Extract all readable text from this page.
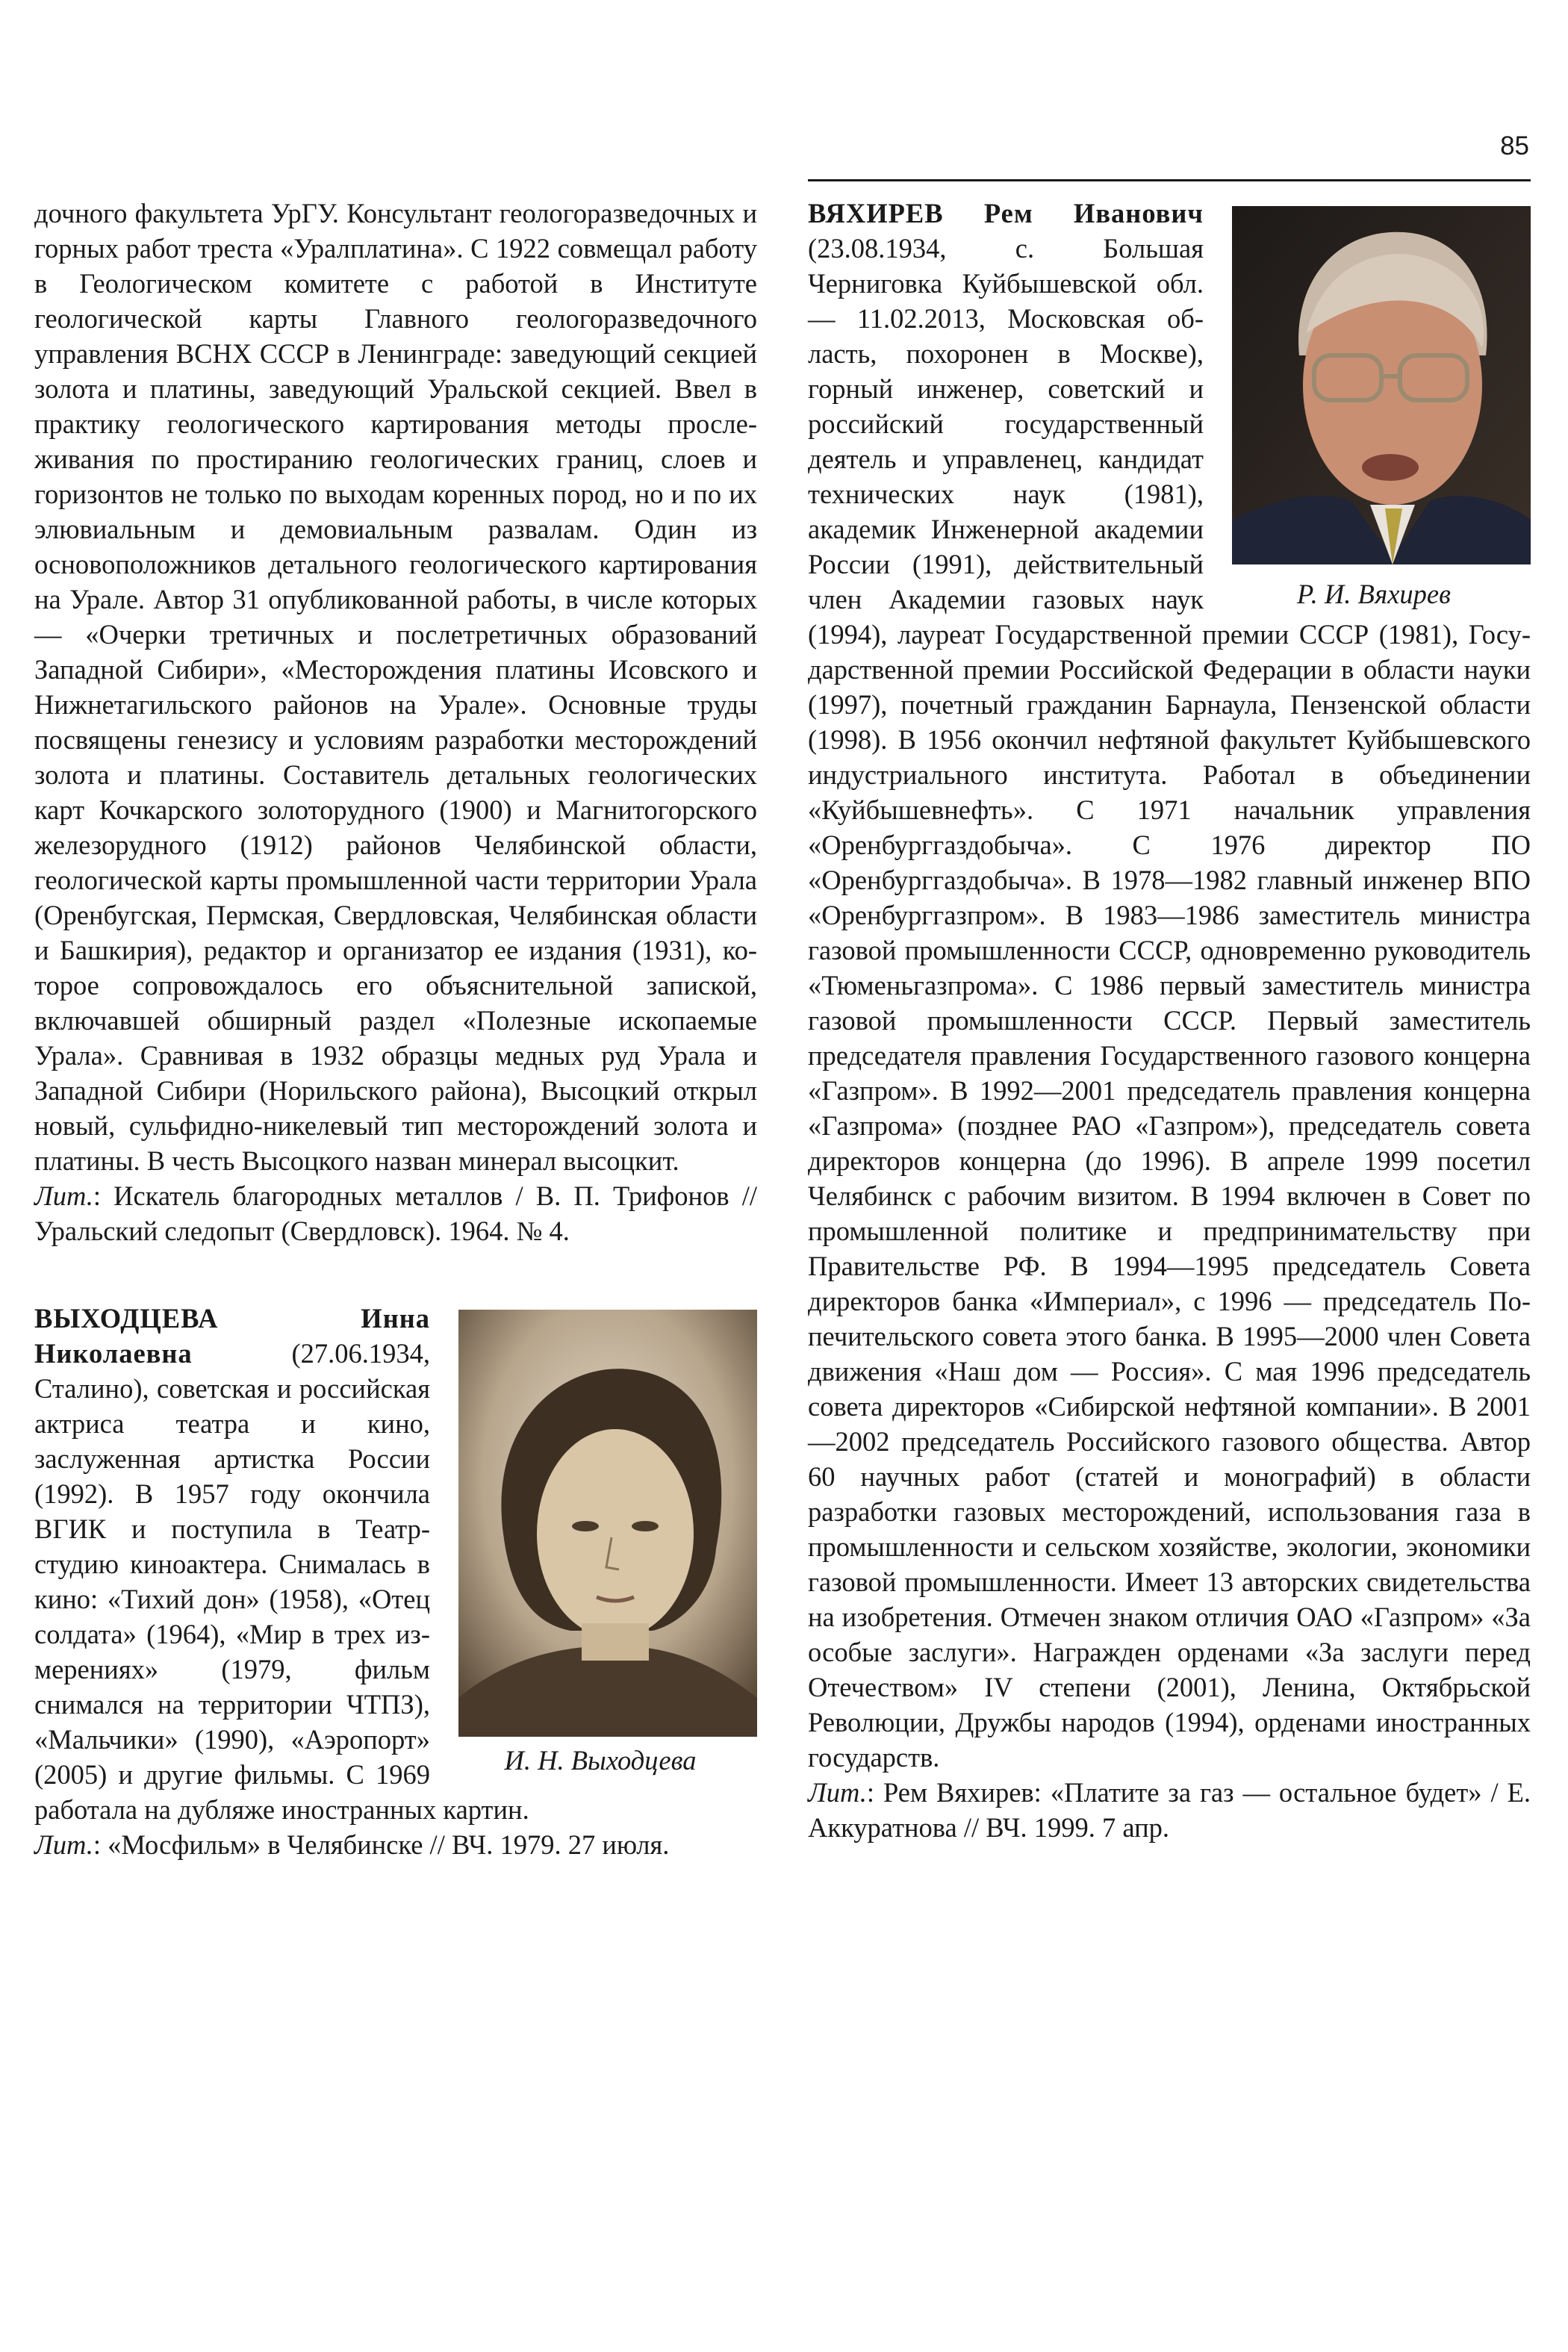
85

дочного факультета УрГУ. Консультант геологоразведочных и горных работ треста «Уралплатина». С 1922 совмещал работу в Геологическом комитете с работой в Институте геологической карты Главного геологоразведочного управления ВСНХ СССР в Ленинграде: заведующий секцией золота и платины, заведующий Уральской секцией. Ввел в практику геологического картирования методы прослеживания по простиранию геологических границ, слоев и горизонтов не только по выходам коренных пород, но и по их элювиальным и демовиальным развалам. Один из основоположников детального геологического картирования на Урале. Автор 31 опубликованной работы, в числе которых — «Очерки третичных и послетретичных образований Западной Сибири», «Месторождения платины Исовского и Нижнетагильского районов на Урале». Основные труды посвящены генезису и условиям разработки месторождений золота и платины. Составитель детальных геологических карт Кочкарского золоторудного (1900) и Магнитогорского железорудного (1912) районов Челябинской области, геологической карты промышленной части территории Урала (Оренбугская, Пермская, Свердловская, Челябинская области и Башкирия), редактор и организатор ее издания (1931), которое сопровождалось его объяснительной запиской, включавшей обширный раздел «Полезные ископаемые Урала». Сравнивая в 1932 образцы медных руд Урала и Западной Сибири (Норильского района), Высоцкий открыл новый, сульфидно-никелевый тип месторождений золота и платины. В честь Высоцкого назван минерал высоцкит.

Лит.: Искатель благородных металлов / В. П. Трифонов // Уральский следопыт (Свердловск). 1964. № 4.

И. Н. Выходцева

ВЫХОДЦЕВА Инна Николаевна (27.06.1934, Сталино), советская и российская актриса театра и кино, заслуженная артистка России (1992). В 1957 году окончила ВГИК и поступила в Театр-студию киноактера. Снималась в кино: «Тихий дон» (1958), «Отец солдата» (1964), «Мир в трех измерениях» (1979, фильм снимался на территории ЧТПЗ), «Мальчики» (1990), «Аэропорт» (2005) и другие фильмы. С 1969 работала на дубляже иностранных картин.

Лит.: «Мосфильм» в Челябинске // ВЧ. 1979. 27 июля.

Р. И. Вяхирев

ВЯХИРЕВ Рем Иванович (23.08.1934, с. Большая Черниговка Куйбышевской обл. — 11.02.2013, Московская область, похоронен в Москве), горный инженер, советский и российский государственный деятель и управленец, кандидат технических наук (1981), академик Инженерной академии России (1991), действительный член Академии газовых наук (1994), лауреат Государственной премии СССР (1981), Государственной премии Российской Федерации в области науки (1997), почетный гражданин Барнаула, Пензенской области (1998). В 1956 окончил нефтяной факультет Куйбышевского индустриального института. Работал в объединении «Куйбышевнефть». С 1971 начальник управления «Оренбурггаздобыча». С 1976 директор ПО «Оренбурггаздобыча». В 1978—1982 главный инженер ВПО «Оренбурггазпром». В 1983—1986 заместитель министра газовой промышленности СССР, одновременно руководитель «Тюменьгазпрома». С 1986 первый заместитель министра газовой промышленности СССР. Первый заместитель председателя правления Государственного газового концерна «Газпром». В 1992—2001 председатель правления концерна «Газпрома» (позднее РАО «Газпром»), председатель совета директоров концерна (до 1996). В апреле 1999 посетил Челябинск с рабочим визитом. В 1994 включен в Совет по промышленной политике и предпринимательству при Правительстве РФ. В 1994—1995 председатель Совета директоров банка «Империал», с 1996 — председатель Попечительского совета этого банка. В 1995—2000 член Совета движения «Наш дом — Россия». С мая 1996 председатель совета директоров «Сибирской нефтяной компании». В 2001—2002 председатель Российского газового общества. Автор 60 научных работ (статей и монографий) в области разработки газовых месторождений, использования газа в промышленности и сельском хозяйстве, экологии, экономики газовой промышленности. Имеет 13 авторских свидетельства на изобретения. Отмечен знаком отличия ОАО «Газпром» «За особые заслуги». Награжден орденами «За заслуги перед Отечеством» IV степени (2001), Ленина, Октябрьской Революции, Дружбы народов (1994), орденами иностранных государств.

Лит.: Рем Вяхирев: «Платите за газ — остальное будет» / Е. Аккуратнова // ВЧ. 1999. 7 апр.
